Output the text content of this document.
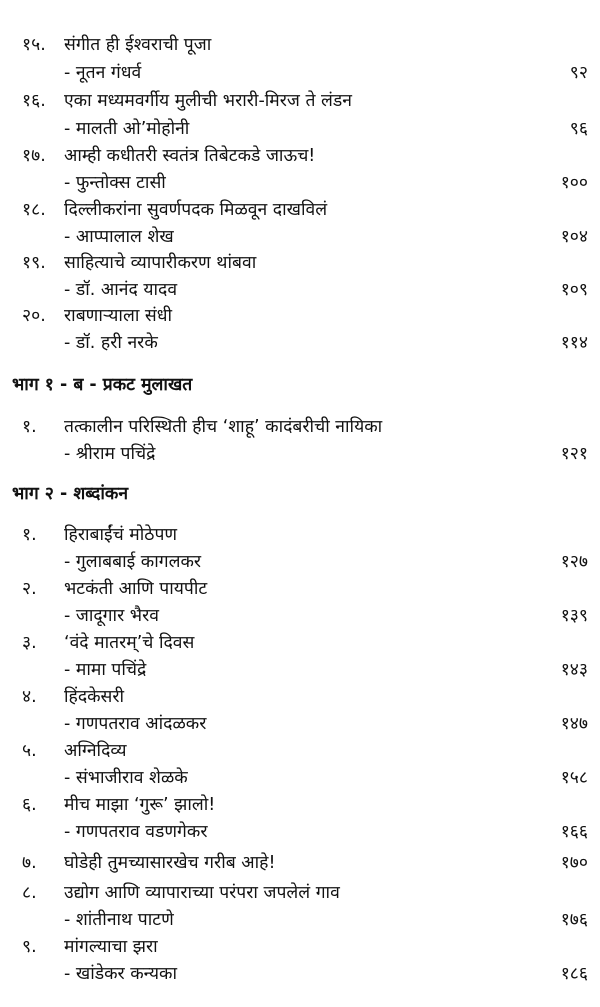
१५. संगीत ही ईश्वराची पूजा
- नूतन गंधर्व	९२
१६. एका मध्यमवर्गीय मुलीची भरारी-मिरज ते लंडन
- मालती ओ’मोहोनी	९६
१७. आम्ही कधीतरी स्वतंत्र तिबेटकडे जाऊच!
- फुन्तोक्स टासी	१००
१८. दिल्लीकरांना सुवर्णपदक मिळवून दाखविलं
- आप्पालाल शेख	१०४
१९. साहित्याचे व्यापारीकरण थांबवा
- डॉ. आनंद यादव	१०९
२०. राबणाऱ्याला संधी
- डॉ. हरी नरके	११४
भाग १ - ब - प्रकट मुलाखत
१. तत्कालीन परिस्थिती हीच ‘शाहू’ कादंबरीची नायिका
- श्रीराम पचिंद्रे	१२१
भाग २ - शब्दांकन
१. हिराबाईंचं मोठेपण
- गुलाबबाई कागलकर	१२७
२. भटकंती आणि पायपीट
- जादूगार भैरव	१३९
३. ‘वंदे मातरम्’चे दिवस
- मामा पचिंद्रे	१४३
४. हिंदकेसरी
- गणपतराव आंदळकर	१४७
५. अग्निदिव्य
- संभाजीराव शेळके	१५८
६. मीच माझा ‘गुरू’ झालो!
- गणपतराव वडणगेकर	१६६
७. घोडेही तुमच्यासारखेच गरीब आहे!	१७०
८. उद्योग आणि व्यापाराच्या परंपरा जपलेलं गाव
- शांतीनाथ पाटणे	१७६
९. मांगल्याचा झरा
- खांडेकर कन्यका	१८६
